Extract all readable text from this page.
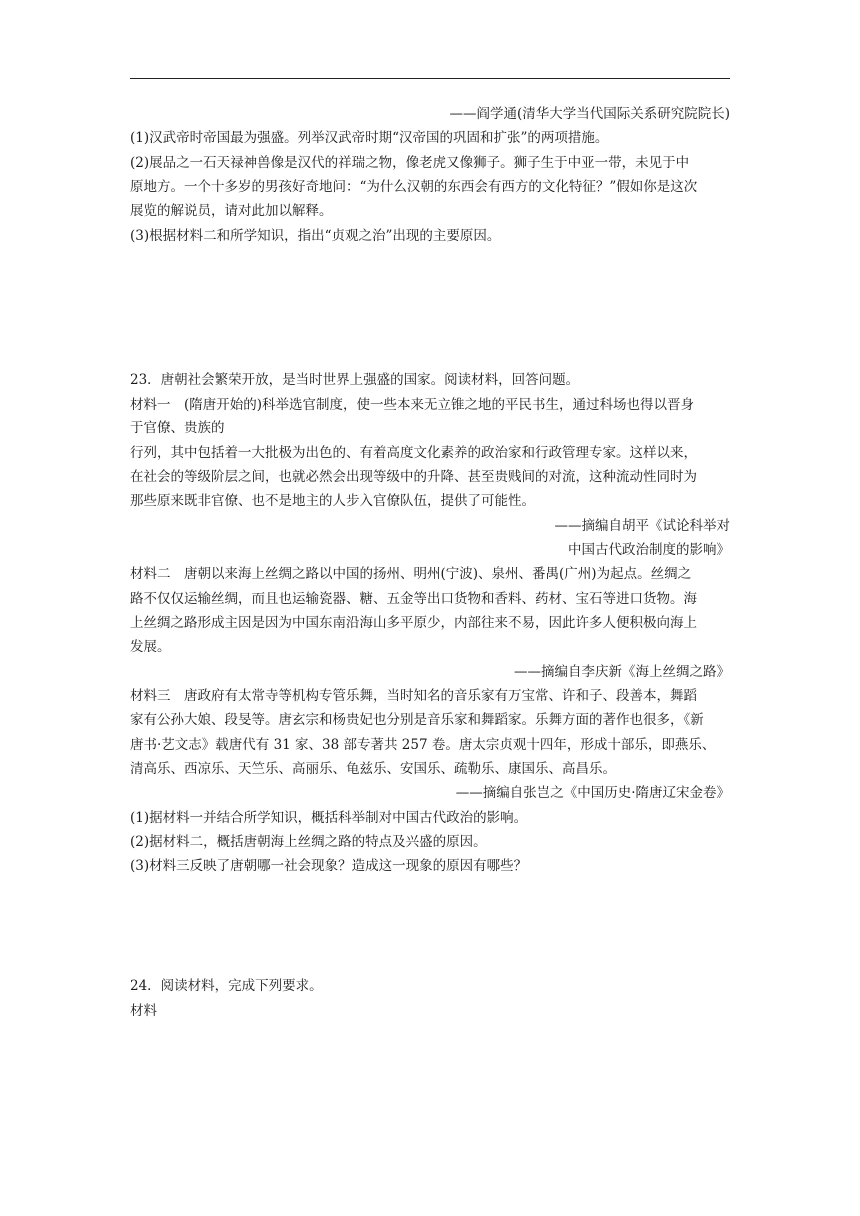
——阎学通(清华大学当代国际关系研究院院长)
(1)汉武帝时帝国最为强盛。列举汉武帝时期“汉帝国的巩固和扩张”的两项措施。
(2)展品之一石天禄神兽像是汉代的祥瑞之物，像老虎又像狮子。狮子生于中亚一带，未见于中
原地方。一个十多岁的男孩好奇地问：“为什么汉朝的东西会有西方的文化特征？”假如你是这次
展览的解说员，请对此加以解释。
(3)根据材料二和所学知识，指出“贞观之治”出现的主要原因。
23．唐朝社会繁荣开放，是当时世界上强盛的国家。阅读材料，回答问题。
材料一　(隋唐开始的)科举选官制度，使一些本来无立锥之地的平民书生，通过科场也得以晋身
于官僚、贵族的
行列，其中包括着一大批极为出色的、有着高度文化素养的政治家和行政管理专家。这样以来，
在社会的等级阶层之间，也就必然会出现等级中的升降、甚至贵贱间的对流，这种流动性同时为
那些原来既非官僚、也不是地主的人步入官僚队伍，提供了可能性。
——摘编自胡平《试论科举对
中国古代政治制度的影响》
材料二　唐朝以来海上丝绸之路以中国的扬州、明州(宁波)、泉州、番禺(广州)为起点。丝绸之
路不仅仅运输丝绸，而且也运输瓷器、糖、五金等出口货物和香料、药材、宝石等进口货物。海
上丝绸之路形成主因是因为中国东南沿海山多平原少，内部往来不易，因此许多人便积极向海上
发展。
——摘编自李庆新《海上丝绸之路》
材料三　唐政府有太常寺等机构专管乐舞，当时知名的音乐家有万宝常、许和子、段善本，舞蹈
家有公孙大娘、段旻等。唐玄宗和杨贵妃也分别是音乐家和舞蹈家。乐舞方面的著作也很多，《新
唐书·艺文志》载唐代有 31 家、38 部专著共 257 卷。唐太宗贞观十四年，形成十部乐，即燕乐、
清高乐、西凉乐、天竺乐、高丽乐、龟兹乐、安国乐、疏勒乐、康国乐、高昌乐。
——摘编自张岂之《中国历史·隋唐辽宋金卷》
(1)据材料一并结合所学知识，概括科举制对中国古代政治的影响。
(2)据材料二，概括唐朝海上丝绸之路的特点及兴盛的原因。
(3)材料三反映了唐朝哪一社会现象？造成这一现象的原因有哪些？
24．阅读材料，完成下列要求。
材料
